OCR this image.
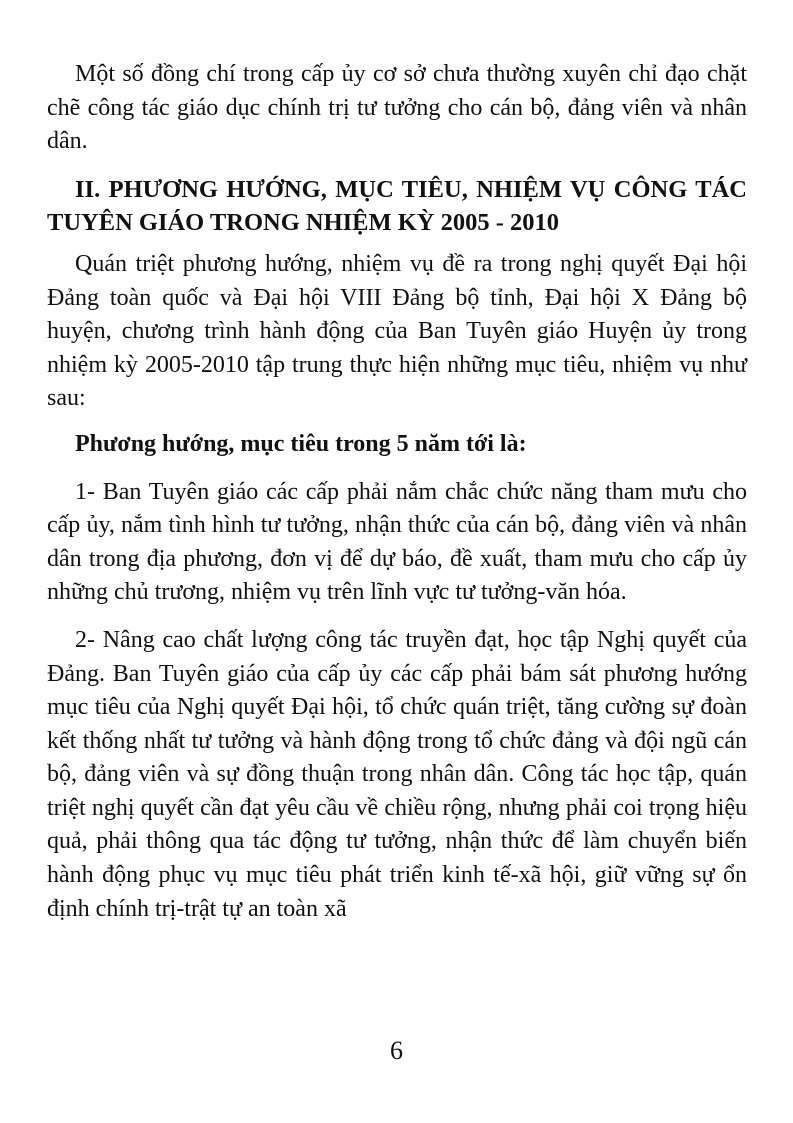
Một số đồng chí trong cấp ủy cơ sở chưa thường xuyên chỉ đạo chặt chẽ công tác giáo dục chính trị tư tưởng cho cán bộ, đảng viên và nhân dân.

II. PHƯƠNG HƯỚNG, MỤC TIÊU, NHIỆM VỤ CÔNG TÁC TUYÊN GIÁO TRONG NHIỆM KỲ 2005 - 2010

Quán triệt phương hướng, nhiệm vụ đề ra trong nghị quyết Đại hội Đảng toàn quốc và Đại hội VIII Đảng bộ tỉnh, Đại hội X Đảng bộ huyện, chương trình hành động của Ban Tuyên giáo Huyện ủy trong nhiệm kỳ 2005-2010 tập trung thực hiện những mục tiêu, nhiệm vụ như sau:

Phương hướng, mục tiêu trong 5 năm tới là:

1- Ban Tuyên giáo các cấp phải nắm chắc chức năng tham mưu cho cấp ủy, nắm tình hình tư tưởng, nhận thức của cán bộ, đảng viên và nhân dân trong địa phương, đơn vị để dự báo, đề xuất, tham mưu cho cấp ủy những chủ trương, nhiệm vụ trên lĩnh vực tư tưởng-văn hóa.

2- Nâng cao chất lượng công tác truyền đạt, học tập Nghị quyết của Đảng. Ban Tuyên giáo của cấp ủy các cấp phải bám sát phương hướng mục tiêu của Nghị quyết Đại hội, tổ chức quán triệt, tăng cường sự đoàn kết thống nhất tư tưởng và hành động trong tổ chức đảng và đội ngũ cán bộ, đảng viên và sự đồng thuận trong nhân dân. Công tác học tập, quán triệt nghị quyết cần đạt yêu cầu về chiều rộng, nhưng phải coi trọng hiệu quả, phải thông qua tác động tư tưởng, nhận thức để làm chuyển biến hành động phục vụ mục tiêu phát triển kinh tế-xã hội, giữ vững sự ổn định chính trị-trật tự an toàn xã

6
